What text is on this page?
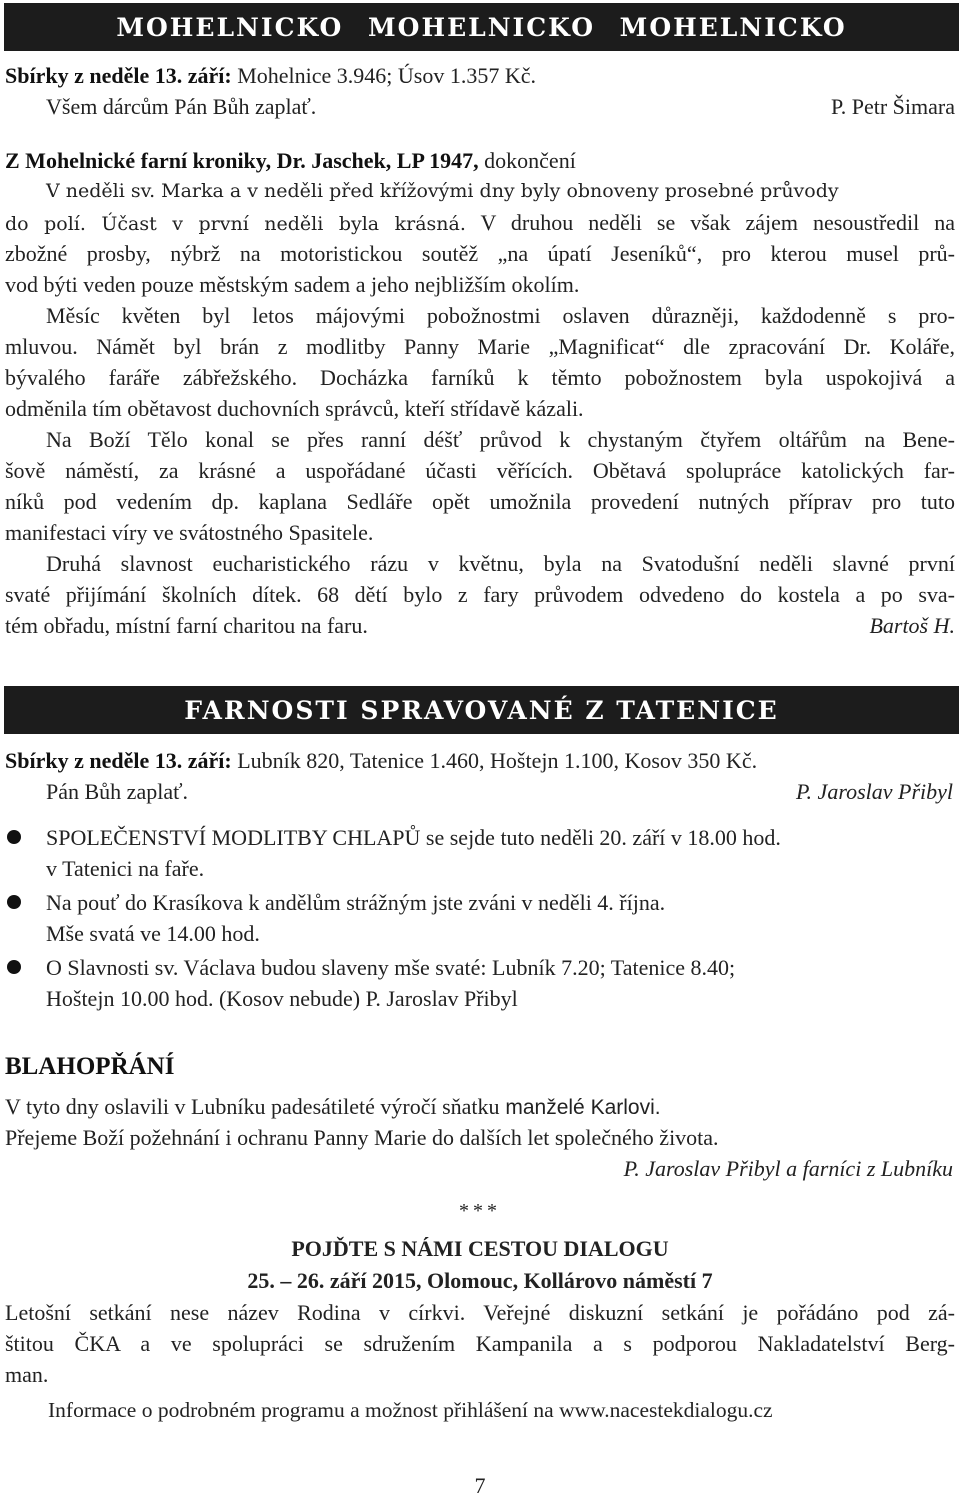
MOHELNICKO MOHELNICKO MOHELNICKO
Sbírky z neděle 13. září: Mohelnice 3.946; Úsov 1.357 Kč.
Všem dárcům Pán Bůh zaplať.	P. Petr Šimara
Z Mohelnické farní kroniky, Dr. Jaschek, LP 1947, dokončení
V neděli sv. Marka a v neděli před křížovými dny byly obnoveny prosebné průvody
do polí. Účast v první neděli byla krásná. V druhou neděli se však zájem nesoustředil na
zbožné prosby, nýbrž na motoristickou soutěž „na úpatí Jeseníků“, pro kterou musel prů-
vod býti veden pouze městským sadem a jeho nejbližším okolím.
Měsíc květen byl letos májovými pobožnostmi oslaven důrazněji, každodenně s pro-
mluvou. Námět byl brán z modlitby Panny Marie „Magnificat“ dle zpracování Dr. Koláře,
bývalého faráře zábřežského. Docházka farníků k těmto pobožnostem byla uspokojivá a
odměnila tím obětavost duchovních správců, kteří střídavě kázali.
Na Boží Tělo konal se přes ranní déšť průvod k chystaným čtyřem oltářům na Bene-
šově náměstí, za krásné a uspořádané účasti věřících. Obětavá spolupráce katolických far-
níků pod vedením dp. kaplana Sedláře opět umožnila provedení nutných příprav pro tuto
manifestaci víry ve svátostného Spasitele.
Druhá slavnost eucharistického rázu v květnu, byla na Svatodušní neděli slavné první
svaté přijímání školních dítek. 68 dětí bylo z fary průvodem odvedeno do kostela a po sva-
tém obřadu, místní farní charitou na faru.	Bartoš H.
FARNOSTI SPRAVOVANÉ Z TATENICE
Sbírky z neděle 13. září: Lubník 820, Tatenice 1.460, Hoštejn 1.100, Kosov 350 Kč.
Pán Bůh zaplať.	P. Jaroslav Přibyl
SPOLEČENSTVÍ MODLITBY CHLAPŮ se sejde tuto neděli 20. září v 18.00 hod.
v Tatenici na faře.
Na pouť do Krasíkova k andělům strážným jste zváni v neděli 4. října.
Mše svatá ve 14.00 hod.
O Slavnosti sv. Václava budou slaveny mše svaté: Lubník 7.20; Tatenice 8.40;
Hoštejn 10.00 hod. (Kosov nebude) P. Jaroslav Přibyl
BLAHOPŘÁNÍ
V tyto dny oslavili v Lubníku padesátileté výročí sňatku manželé Karlovi.
Přejeme Boží požehnání i ochranu Panny Marie do dalších let společného života.
P. Jaroslav Přibyl a farníci z Lubníku
***
POJĎTE S NÁMI CESTOU DIALOGU
25. – 26. září 2015, Olomouc, Kollárovo náměstí 7
Letošní setkání nese název Rodina v církvi. Veřejné diskuzní setkání je pořádáno pod zá-
štitou ČKA a ve spolupráci se sdružením Kampanila a s podporou Nakladatelství Berg-
man.
Informace o podrobném programu a možnost přihlášení na www.nacestekdialogu.cz
7
